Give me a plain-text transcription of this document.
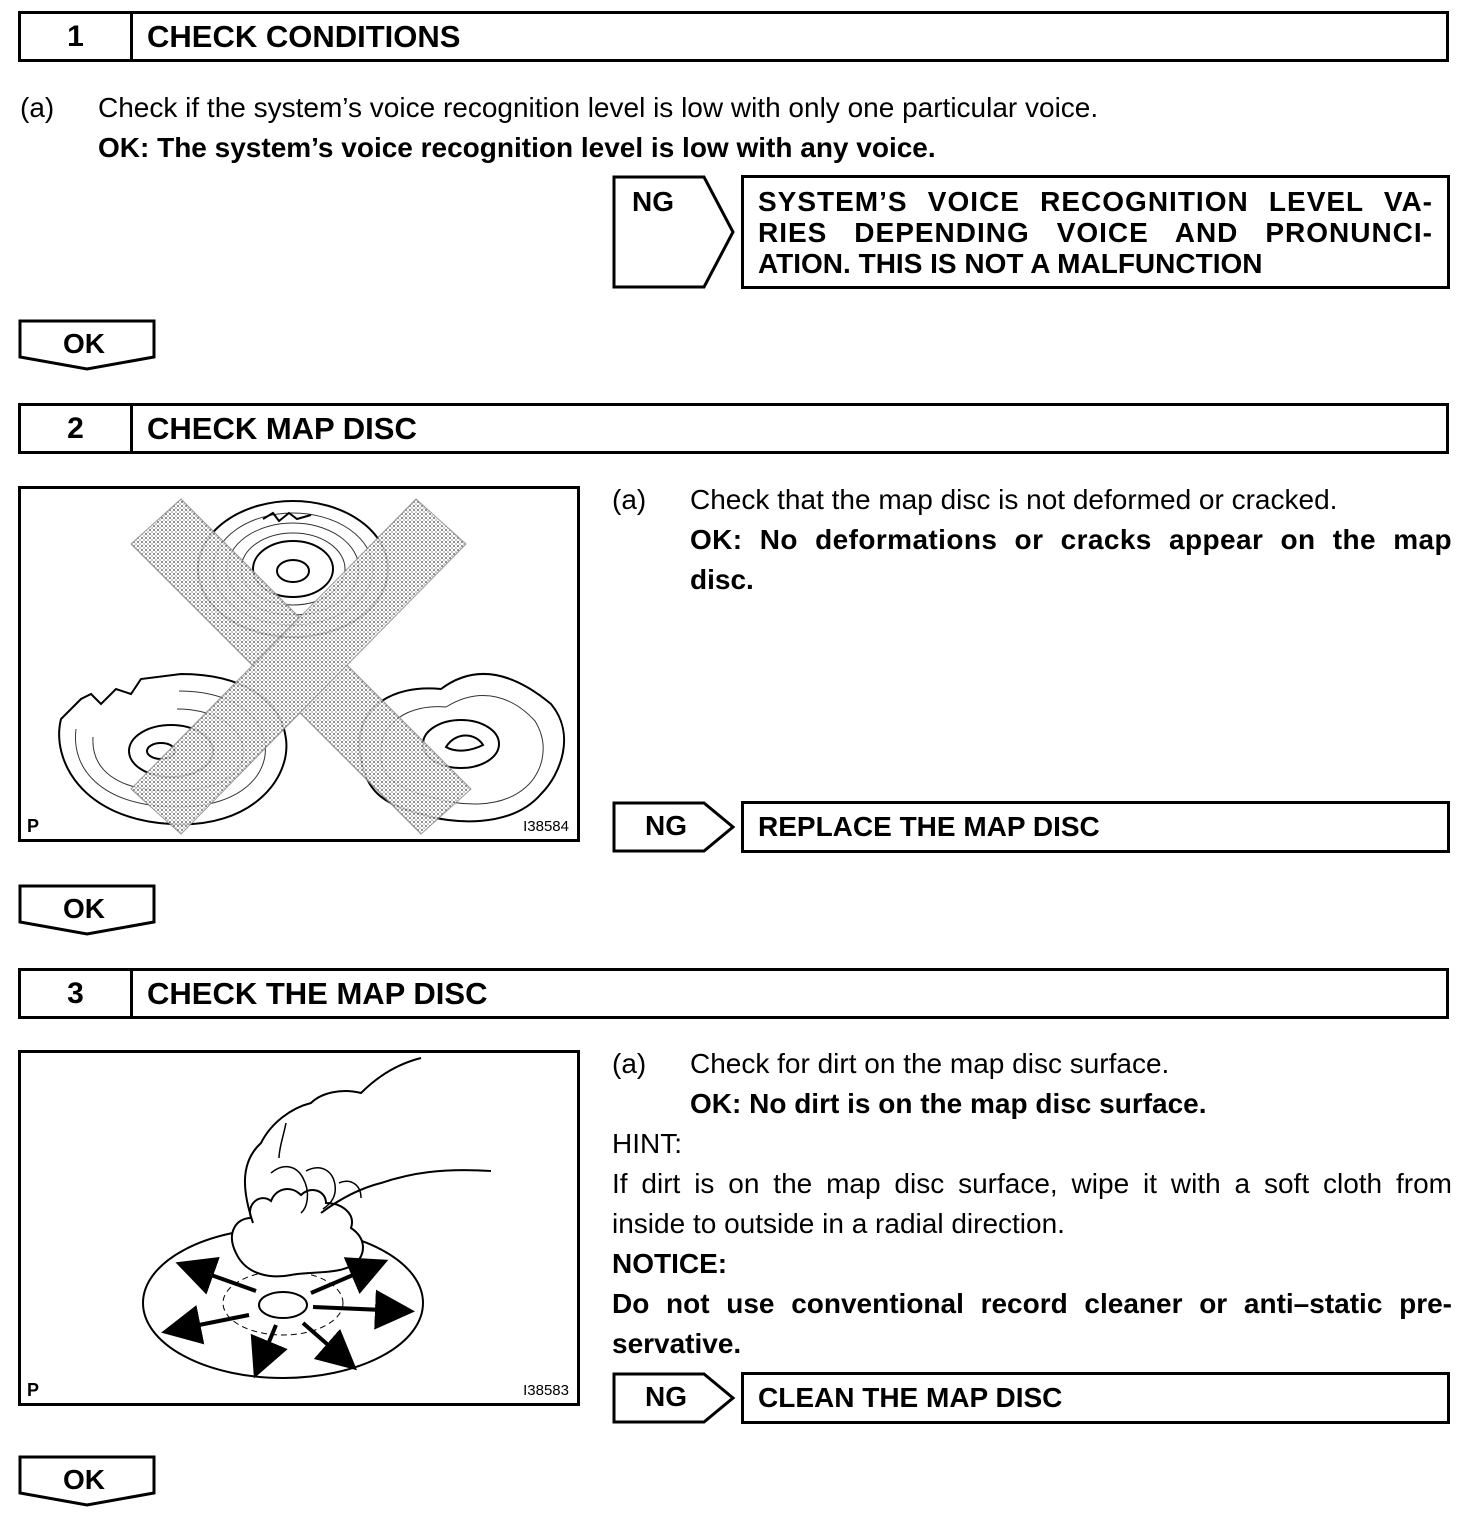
1	CHECK CONDITIONS
(a) Check if the system’s voice recognition level is low with only one particular voice.
OK: The system’s voice recognition level is low with any voice.
NG	SYSTEM’S VOICE RECOGNITION LEVEL VA-
RIES DEPENDING VOICE AND PRONUNCI-
ATION. THIS IS NOT A MALFUNCTION
OK
2	CHECK MAP DISC
P	I38584
(a) Check that the map disc is not deformed or cracked.
OK: No deformations or cracks appear on the map
disc.
NG	REPLACE THE MAP DISC
OK
3	CHECK THE MAP DISC
P	I38583
(a) Check for dirt on the map disc surface.
OK: No dirt is on the map disc surface.
HINT:
If dirt is on the map disc surface, wipe it with a soft cloth from
inside to outside in a radial direction.
NOTICE:
Do not use conventional record cleaner or anti–static pre-
servative.
NG	CLEAN THE MAP DISC
OK
